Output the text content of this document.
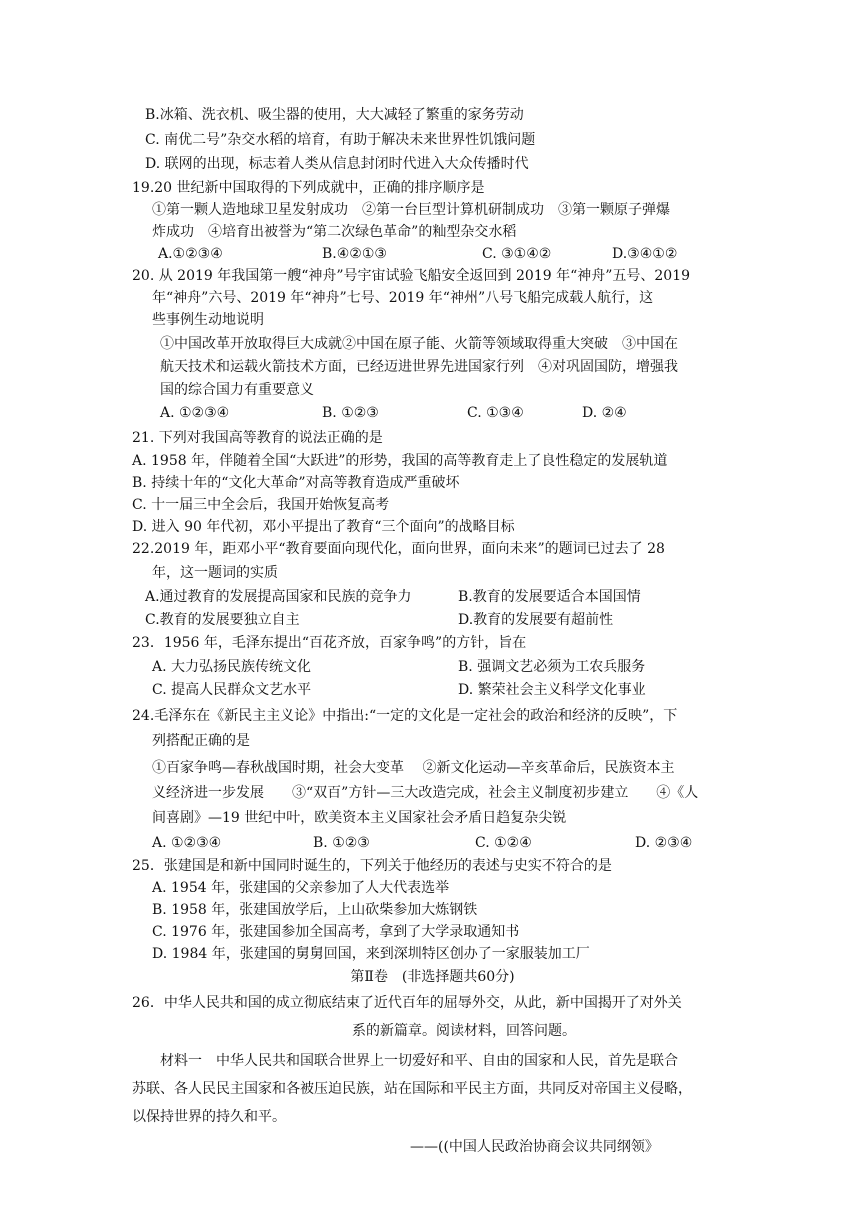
B.冰箱、洗衣机、吸尘器的使用，大大减轻了繁重的家务劳动
C. 南优二号”杂交水稻的培育，有助于解决未来世界性饥饿问题
D. 联网的出现，标志着人类从信息封闭时代进入大众传播时代
19.20 世纪新中国取得的下列成就中，正确的排序顺序是
①第一颗人造地球卫星发射成功　②第一台巨型计算机研制成功　③第一颗原子弹爆
炸成功　④培育出被誉为“第二次绿色革命”的籼型杂交水稻
A.①②③④	B.④②①③	C. ③①④②	D.③④①②
20. 从 2019 年我国第一艘“神舟”号宇宙试验飞船安全返回到 2019 年“神舟”五号、2019
年“神舟”六号、2019 年“神舟”七号、2019 年“神州”八号飞船完成载人航行，这
些事例生动地说明
①中国改革开放取得巨大成就②中国在原子能、火箭等领域取得重大突破　③中国在
航天技术和运载火箭技术方面，已经迈进世界先进国家行列　④对巩固国防，增强我
国的综合国力有重要意义
A. ①②③④	B. ①②③	C. ①③④	D. ②④
21. 下列对我国高等教育的说法正确的是
A. 1958 年，伴随着全国“大跃进”的形势，我国的高等教育走上了良性稳定的发展轨道
B. 持续十年的“文化大革命”对高等教育造成严重破坏
C. 十一届三中全会后，我国开始恢复高考
D. 进入 90 年代初，邓小平提出了教育“三个面向”的战略目标
22.2019 年，距邓小平“教育要面向现代化，面向世界，面向未来”的题词已过去了 28
年，这一题词的实质
A.通过教育的发展提高国家和民族的竞争力	B.教育的发展要适合本国国情
C.教育的发展要独立自主	D.教育的发展要有超前性
23．1956 年，毛泽东提出“百花齐放，百家争鸣”的方针，旨在
A. 大力弘扬民族传统文化	B. 强调文艺必须为工农兵服务
C. 提高人民群众文艺水平	D. 繁荣社会主义科学文化事业
24.毛泽东在《新民主主义论》中指出:“一定的文化是一定社会的政治和经济的反映”，下
列搭配正确的是
①百家争鸣—春秋战国时期，社会大变革　 ②新文化运动—辛亥革命后，民族资本主
义经济进一步发展　　③“双百”方针—三大改造完成，社会主义制度初步建立　　④《人
间喜剧》—19 世纪中叶，欧美资本主义国家社会矛盾日趋复杂尖锐
A. ①②③④	B. ①②③	C. ①②④	D. ②③④
25．张建国是和新中国同时诞生的，下列关于他经历的表述与史实不符合的是
A. 1954 年，张建国的父亲参加了人大代表选举
B. 1958 年，张建国放学后，上山砍柴参加大炼钢铁
C. 1976 年，张建国参加全国高考，拿到了大学录取通知书
D. 1984 年，张建国的舅舅回国，来到深圳特区创办了一家服装加工厂
第Ⅱ卷　(非选择题共60分)
26．中华人民共和国的成立彻底结束了近代百年的屈辱外交，从此，新中国揭开了对外关
系的新篇章。阅读材料，回答问题。
材料一　中华人民共和国联合世界上一切爱好和平、自由的国家和人民，首先是联合
苏联、各人民民主国家和各被压迫民族，站在国际和平民主方面，共同反对帝国主义侵略，
以保持世界的持久和平。
——((中国人民政治协商会议共同纲领》
